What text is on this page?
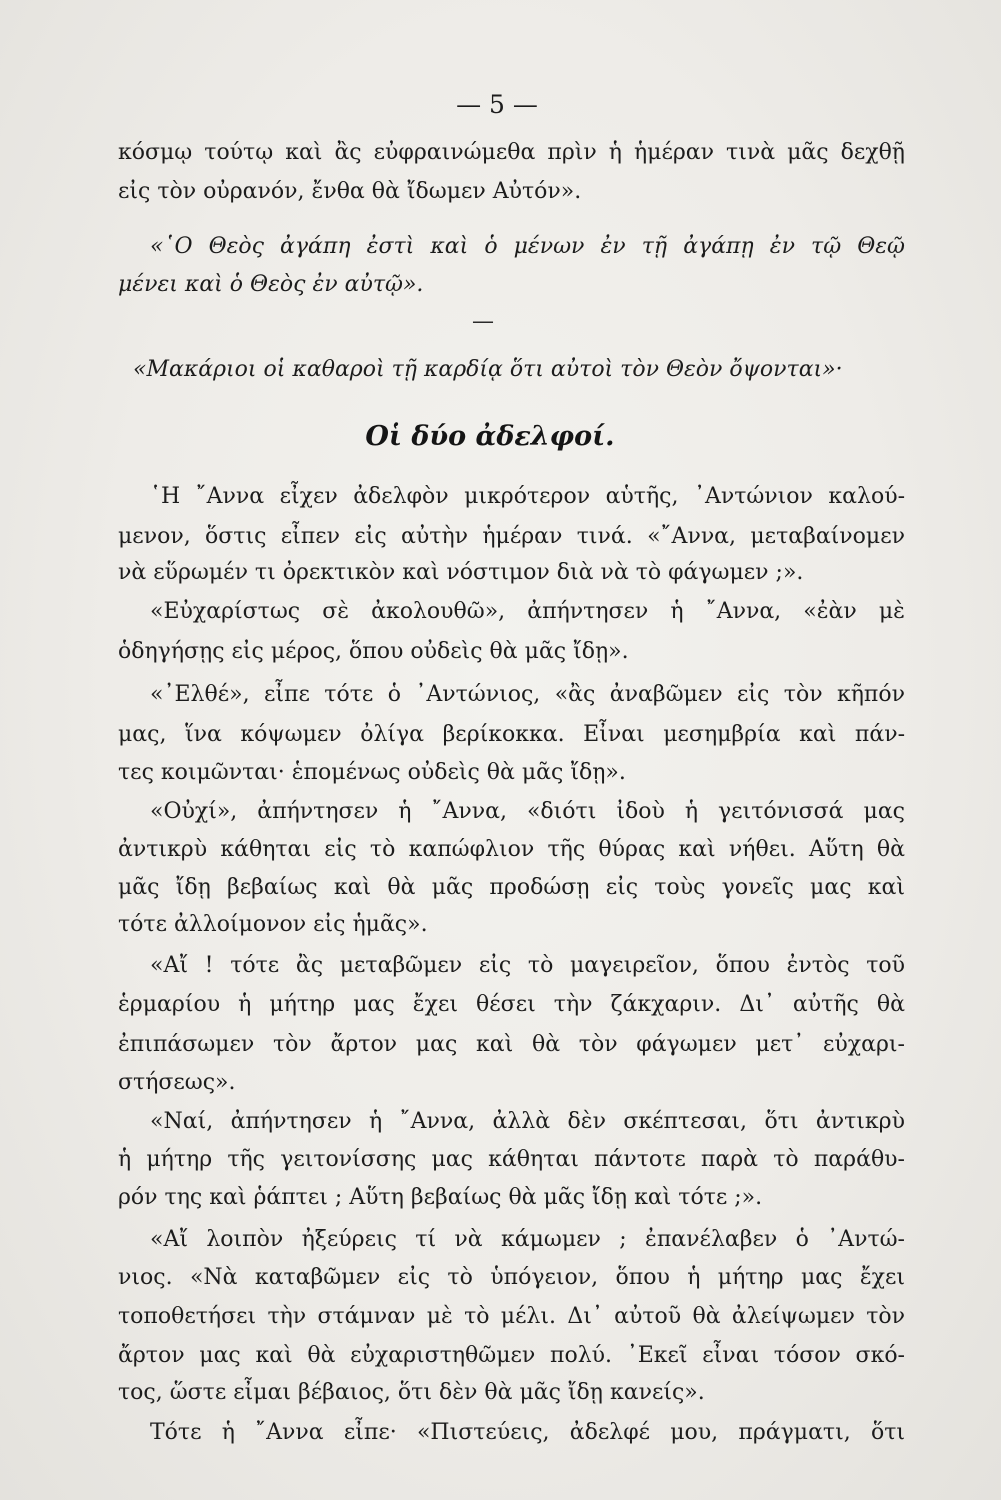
— 5 —
κόσμῳ τούτῳ καὶ ἂς εὐφραινώμεθα πρὶν ἡ ἡμέραν τινὰ μᾶς δεχθῇ
εἰς τὸν οὐρανόν, ἔνθα θὰ ἴδωμεν Αὐτόν».
«῾Ο Θεὸς ἀγάπη ἐστὶ καὶ ὁ μένων ἐν τῇ ἀγάπῃ ἐν τῷ Θεῷ
μένει καὶ ὁ Θεὸς ἐν αὐτῷ».
—
«Μακάριοι οἱ καθαροὶ τῇ καρδίᾳ ὅτι αὐτοὶ τὸν Θεὸν ὄψονται»·
Οἱ δύο ἀδελφοί.
῾Η ῎Αννα εἶχεν ἀδελφὸν μικρότερον αὑτῆς, ᾿Αντώνιον καλού-
μενον, ὅστις εἶπεν εἰς αὐτὴν ἡμέραν τινά. «῎Αννα, μεταβαίνομεν
νὰ εὕρωμέν τι ὀρεκτικὸν καὶ νόστιμον διὰ νὰ τὸ φάγωμεν ;».
«Εὐχαρίστως σὲ ἀκολουθῶ», ἀπήντησεν ἡ ῎Αννα, «ἐὰν μὲ
ὁδηγήσῃς εἰς μέρος, ὅπου οὐδεὶς θὰ μᾶς ἴδῃ».
«᾿Ελθέ», εἶπε τότε ὁ ᾿Αντώνιος, «ἂς ἀναβῶμεν εἰς τὸν κῆπόν
μας, ἵνα κόψωμεν ὀλίγα βερίκοκκα. Εἶναι μεσημβρία καὶ πάν-
τες κοιμῶνται· ἑπομένως οὐδεὶς θὰ μᾶς ἴδῃ».
«Οὐχί», ἀπήντησεν ἡ ῎Αννα, «διότι ἰδοὺ ἡ γειτόνισσά μας
ἀντικρὺ κάθηται εἰς τὸ καπώφλιον τῆς θύρας καὶ νήθει. Αὕτη θὰ
μᾶς ἴδῃ βεβαίως καὶ θὰ μᾶς προδώσῃ εἰς τοὺς γονεῖς μας καὶ
τότε ἀλλοίμονον εἰς ἡμᾶς».
«Αἴ ! τότε ἂς μεταβῶμεν εἰς τὸ μαγειρεῖον, ὅπου ἐντὸς τοῦ
ἑρμαρίου ἡ μήτηρ μας ἔχει θέσει τὴν ζάκχαριν. Δι᾿ αὐτῆς θὰ
ἐπιπάσωμεν τὸν ἄρτον μας καὶ θὰ τὸν φάγωμεν μετ᾿ εὐχαρι-
στήσεως».
«Ναί, ἀπήντησεν ἡ ῎Αννα, ἀλλὰ δὲν σκέπτεσαι, ὅτι ἀντικρὺ
ἡ μήτηρ τῆς γειτονίσσης μας κάθηται πάντοτε παρὰ τὸ παράθυ-
ρόν της καὶ ῥάπτει ; Αὕτη βεβαίως θὰ μᾶς ἴδῃ καὶ τότε ;».
«Αἴ λοιπὸν ἠξεύρεις τί νὰ κάμωμεν ; ἐπανέλαβεν ὁ ᾿Αντώ-
νιος. «Νὰ καταβῶμεν εἰς τὸ ὑπόγειον, ὅπου ἡ μήτηρ μας ἔχει
τοποθετήσει τὴν στάμναν μὲ τὸ μέλι. Δι᾿ αὐτοῦ θὰ ἀλείψωμεν τὸν
ἄρτον μας καὶ θὰ εὐχαριστηθῶμεν πολύ. ᾿Εκεῖ εἶναι τόσον σκό-
τος, ὥστε εἶμαι βέβαιος, ὅτι δὲν θὰ μᾶς ἴδῃ κανείς».
Τότε ἡ ῎Αννα εἶπε· «Πιστεύεις, ἀδελφέ μου, πράγματι, ὅτι
